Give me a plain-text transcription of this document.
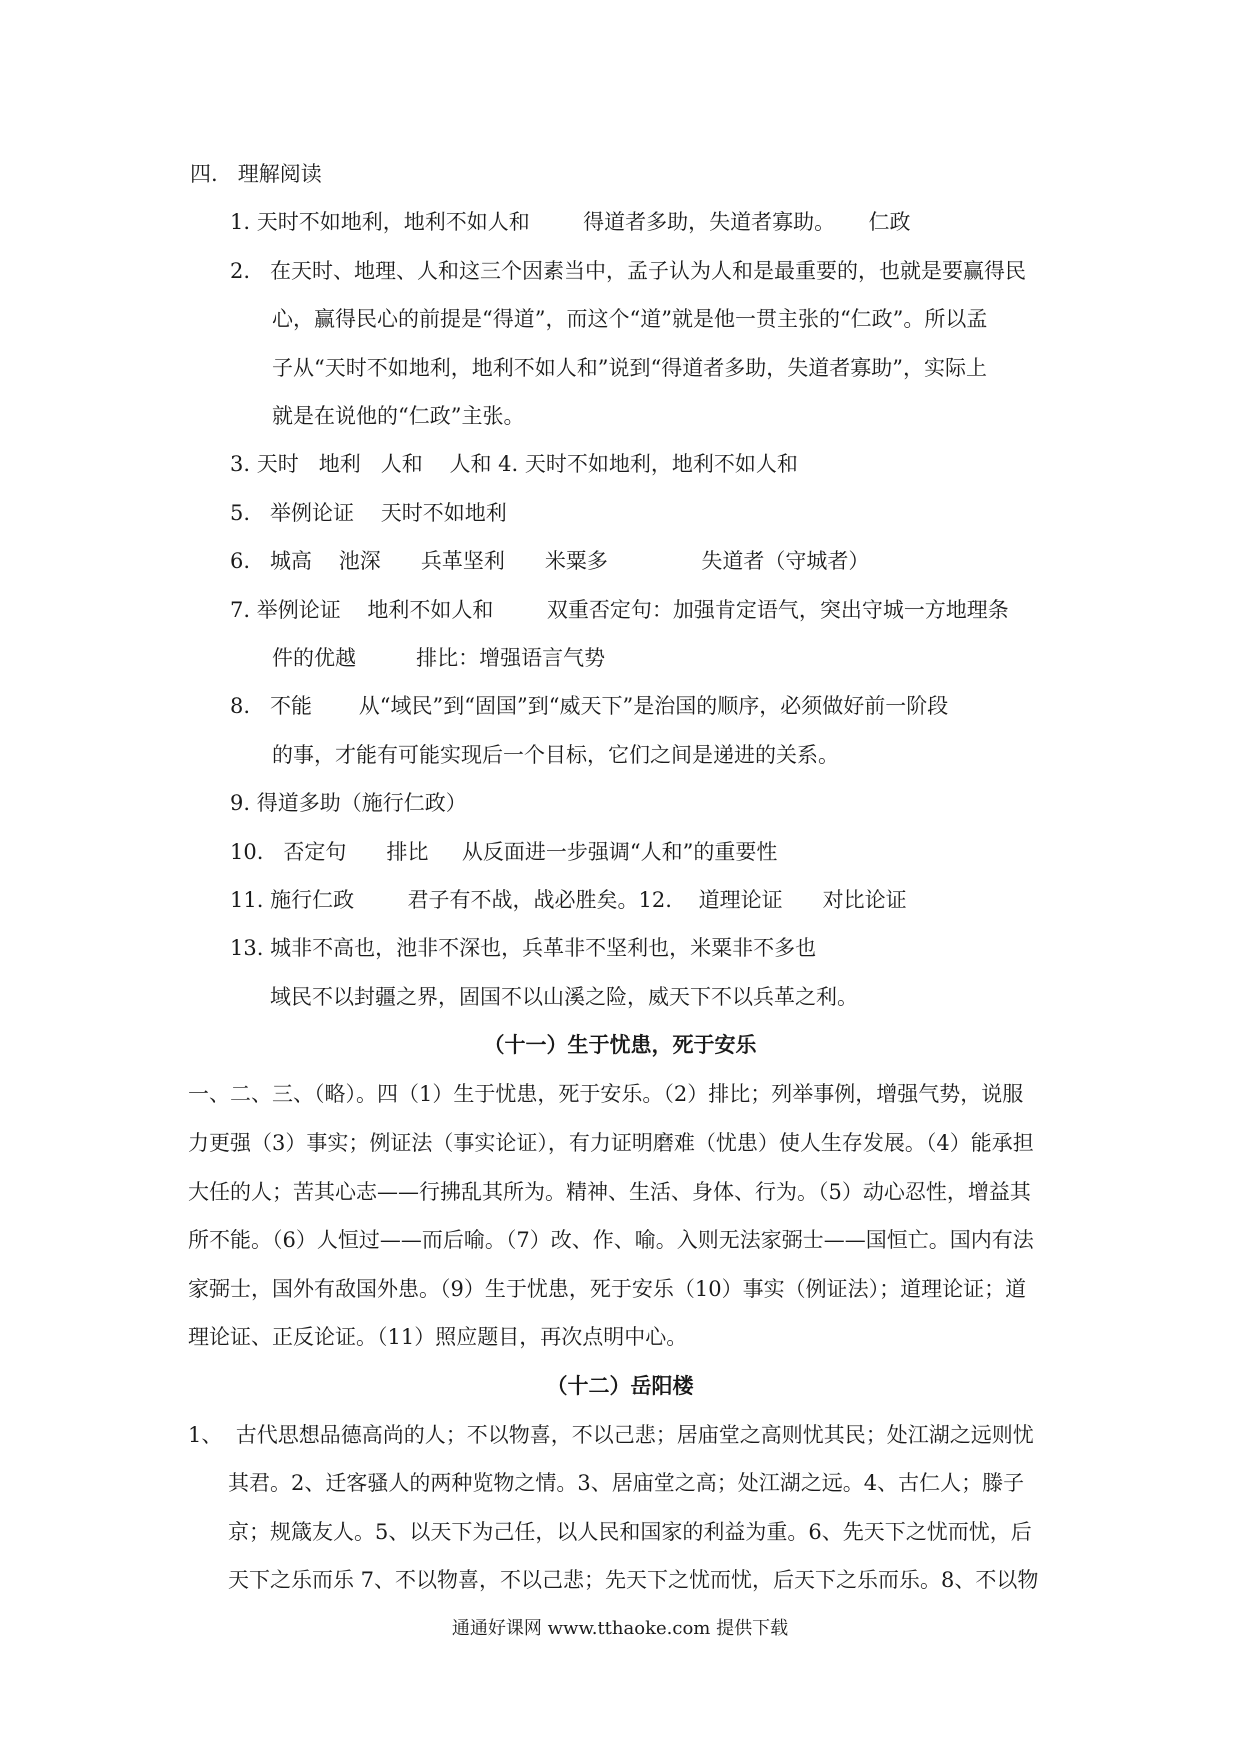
四.   理解阅读
1. 天时不如地利，地利不如人和        得道者多助，失道者寡助。     仁政
2.   在天时、地理、人和这三个因素当中，孟子认为人和是最重要的，也就是要赢得民
心，赢得民心的前提是“得道”，而这个“道”就是他一贯主张的“仁政”。所以孟
子从“天时不如地利，地利不如人和”说到“得道者多助，失道者寡助”，实际上
就是在说他的“仁政”主张。
3. 天时   地利   人和    人和 4. 天时不如地利，地利不如人和
5.   举例论证    天时不如地利
6.   城高    池深      兵革坚利      米粟多              失道者（守城者）
7. 举例论证    地利不如人和        双重否定句：加强肯定语气，突出守城一方地理条
件的优越         排比：增强语言气势
8.   不能       从“域民”到“固国”到“威天下”是治国的顺序，必须做好前一阶段
的事，才能有可能实现后一个目标，它们之间是递进的关系。
9. 得道多助（施行仁政）
10.   否定句      排比     从反面进一步强调“人和”的重要性
11. 施行仁政        君子有不战，战必胜矣。12.    道理论证      对比论证
13. 城非不高也，池非不深也，兵革非不坚利也，米粟非不多也
域民不以封疆之界，固国不以山溪之险，威天下不以兵革之利。
（十一）生于忧患，死于安乐
一、二、三、（略）。四（1）生于忧患，死于安乐。（2）排比；列举事例，增强气势，说服
力更强（3）事实；例证法（事实论证），有力证明磨难（忧患）使人生存发展。（4）能承担
大任的人；苦其心志——行拂乱其所为。精神、生活、身体、行为。（5）动心忍性，增益其
所不能。（6）人恒过——而后喻。（7）改、作、喻。入则无法家弼士——国恒亡。国内有法
家弼士，国外有敌国外患。（9）生于忧患，死于安乐（10）事实（例证法）；道理论证；道
理论证、正反论证。（11）照应题目，再次点明中心。
（十二）岳阳楼
1、  古代思想品德高尚的人；不以物喜，不以己悲；居庙堂之高则忧其民；处江湖之远则忧
其君。2、迁客骚人的两种览物之情。3、居庙堂之高；处江湖之远。4、古仁人；滕子
京；规箴友人。5、以天下为己任，以人民和国家的利益为重。6、先天下之忧而忧，后
天下之乐而乐 7、不以物喜，不以己悲；先天下之忧而忧，后天下之乐而乐。8、不以物
通通好课网 www.tthaoke.com 提供下载
